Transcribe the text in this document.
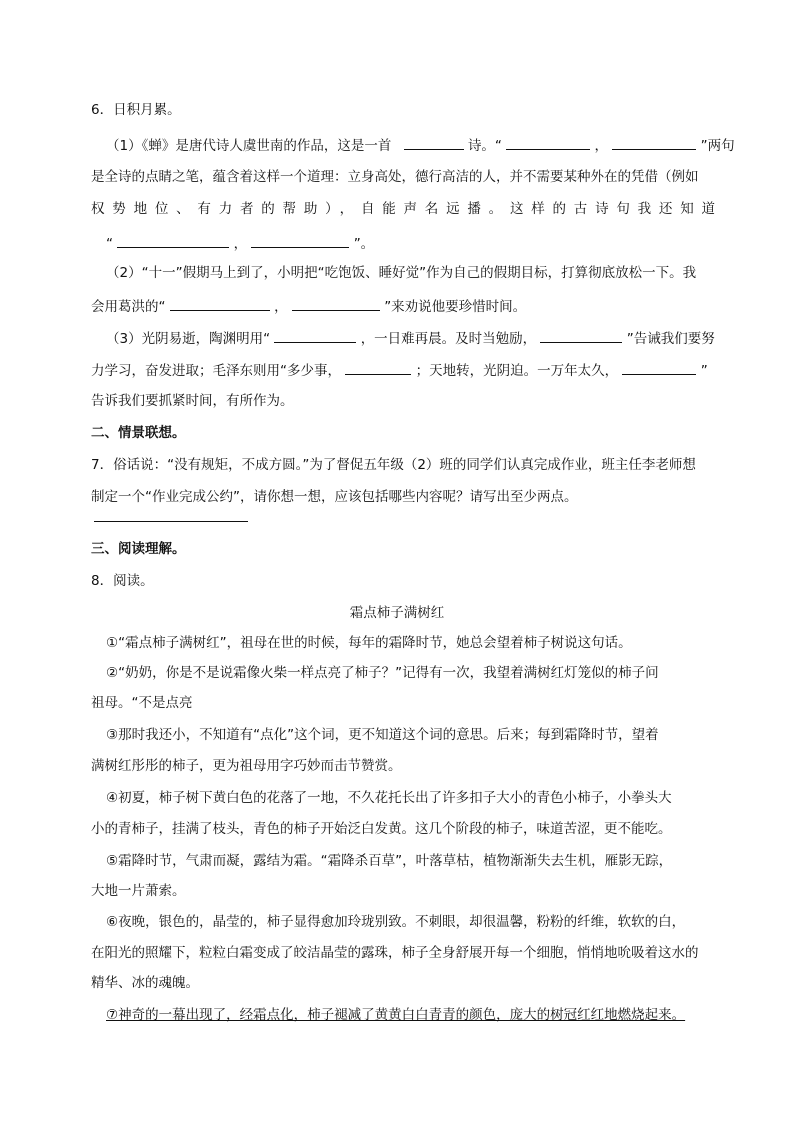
6．日积月累。
（1）《蝉》是唐代诗人虞世南的作品，这是一首	诗。“	，	”两句
是全诗的点睛之笔，蕴含着这样一个道理：立身高处，德行高洁的人，并不需要某种外在的凭借（例如
权势地位、有力者的帮助），自能声名远播。这样的古诗句我还知道
“	，	”。
（2）“十一”假期马上到了，小明把“吃饱饭、睡好觉”作为自己的假期目标，打算彻底放松一下。我
会用葛洪的“	，	”来劝说他要珍惜时间。
（3）光阴易逝，陶渊明用“	，一日难再晨。及时当勉励，	”告诫我们要努
力学习，奋发进取；毛泽东则用“多少事，	；天地转，光阴迫。一万年太久，	”
告诉我们要抓紧时间，有所作为。
二、情景联想。
7．俗话说：“没有规矩，不成方圆。”为了督促五年级（2）班的同学们认真完成作业，班主任李老师想
制定一个“作业完成公约”，请你想一想，应该包括哪些内容呢？请写出至少两点。
三、阅读理解。
8．阅读。
霜点柿子满树红
①“霜点柿子满树红”，祖母在世的时候，每年的霜降时节，她总会望着柿子树说这句话。
②“奶奶，你是不是说霜像火柴一样点亮了柿子？”记得有一次，我望着满树红灯笼似的柿子问
祖母。“不是点亮
③那时我还小，不知道有“点化”这个词，更不知道这个词的意思。后来；每到霜降时节，望着
满树红彤彤的柿子，更为祖母用字巧妙而击节赞赏。
④初夏，柿子树下黄白色的花落了一地，不久花托长出了许多扣子大小的青色小柿子，小拳头大
小的青柿子，挂满了枝头，青色的柿子开始泛白发黄。这几个阶段的柿子，味道苦涩，更不能吃。
⑤霜降时节，气肃而凝，露结为霜。“霜降杀百草”，叶落草枯，植物渐渐失去生机，雁影无踪，
大地一片萧索。
⑥夜晚，银色的，晶莹的，柿子显得愈加玲珑别致。不刺眼，却很温馨，粉粉的纤维，软软的白，
在阳光的照耀下，粒粒白霜变成了皎洁晶莹的露珠，柿子全身舒展开每一个细胞，悄悄地吮吸着这水的
精华、冰的魂魄。
⑦神奇的一幕出现了，经霜点化，柿子褪减了黄黄白白青青的颜色，庞大的树冠红红地燃烧起来。
